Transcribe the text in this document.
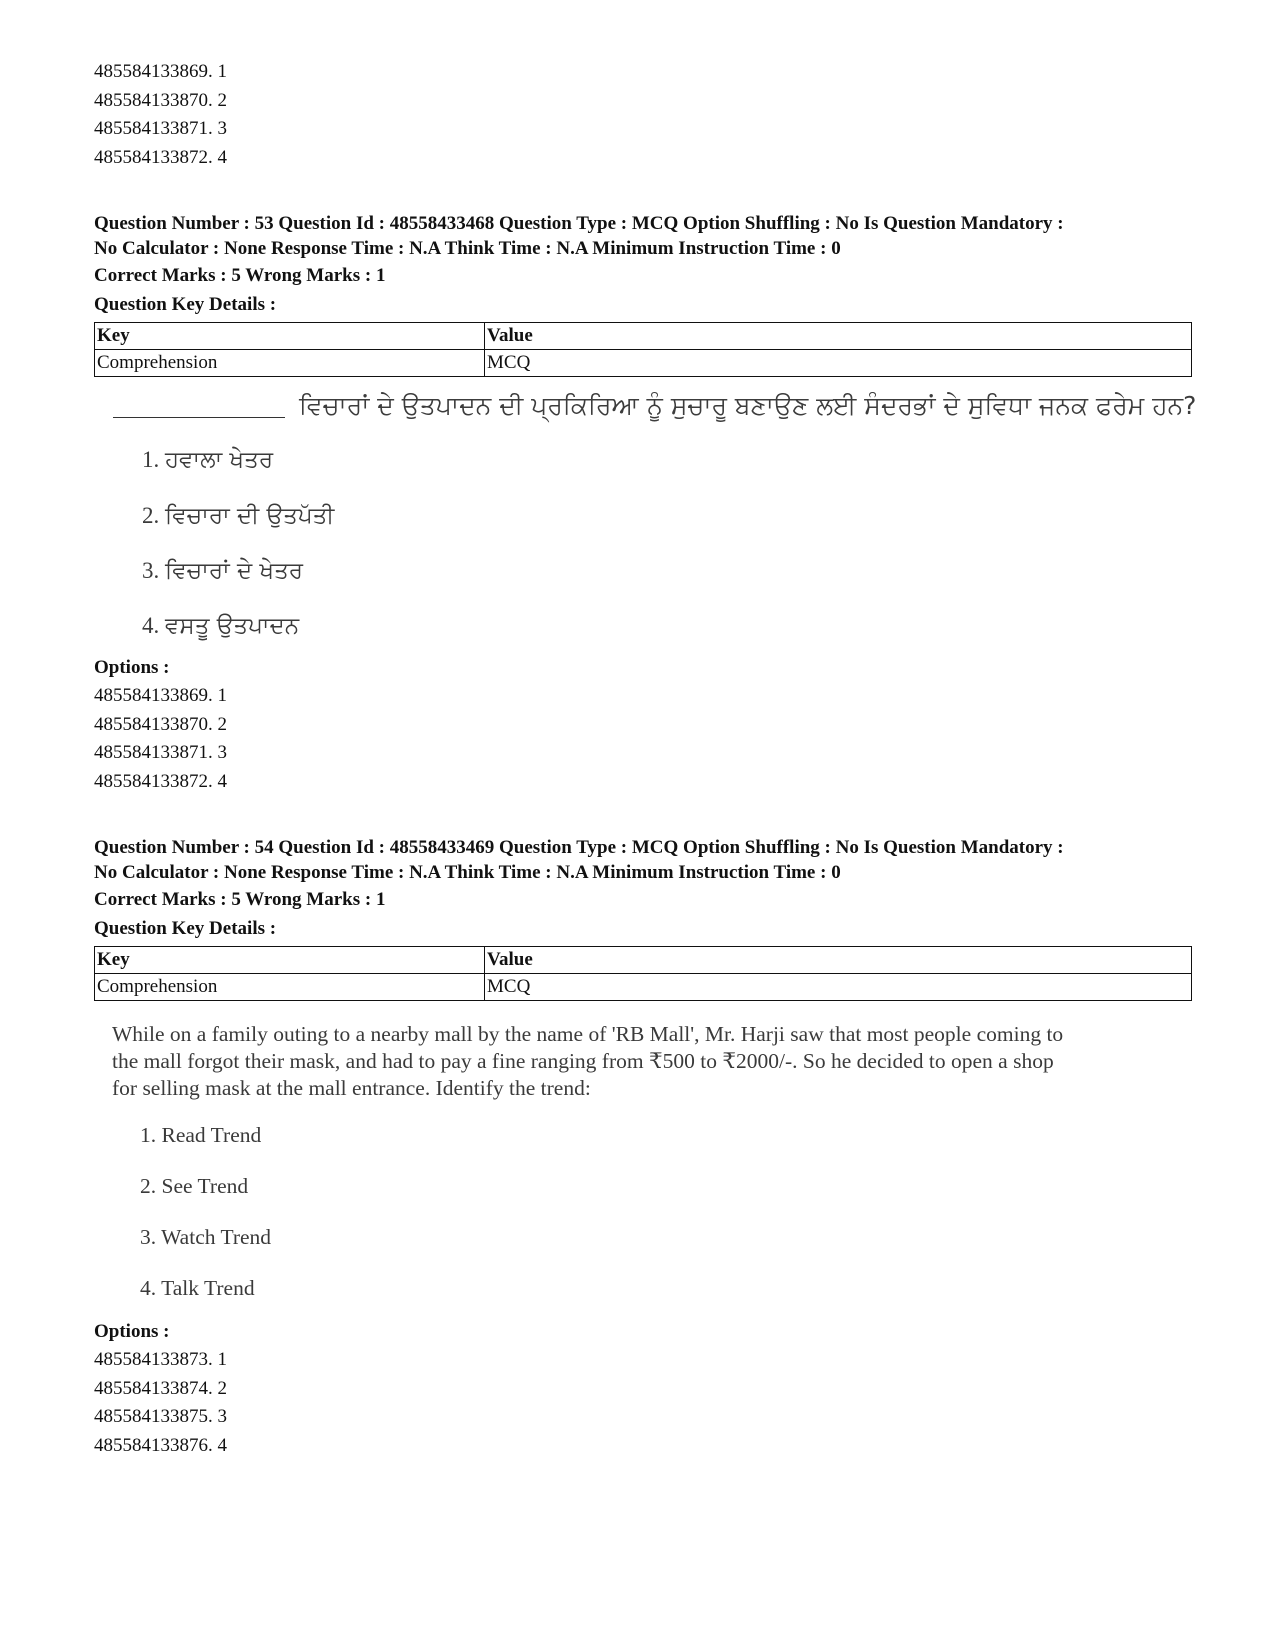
485584133869. 1
485584133870. 2
485584133871. 3
485584133872. 4
Question Number : 53 Question Id : 48558433468 Question Type : MCQ Option Shuffling : No Is Question Mandatory :
No Calculator : None Response Time : N.A Think Time : N.A Minimum Instruction Time : 0
Correct Marks : 5 Wrong Marks : 1
Question Key Details :
Key	Value
Comprehension	MCQ
ਵਿਚਾਰਾਂ ਦੇ ਉਤਪਾਦਨ ਦੀ ਪ੍ਰਕਿਰਿਆ ਨੂੰ ਸੁਚਾਰੂ ਬਣਾਉਣ ਲਈ ਸੰਦਰਭਾਂ ਦੇ ਸੁਵਿਧਾ ਜਨਕ ਫਰੇਮ ਹਨ?
1. ਹਵਾਲਾ ਖੇਤਰ
2. ਵਿਚਾਰਾ ਦੀ ਉਤਪੱਤੀ
3. ਵਿਚਾਰਾਂ ਦੇ ਖੇਤਰ
4. ਵਸਤੂ ਉਤਪਾਦਨ
Options :
485584133869. 1
485584133870. 2
485584133871. 3
485584133872. 4
Question Number : 54 Question Id : 48558433469 Question Type : MCQ Option Shuffling : No Is Question Mandatory :
No Calculator : None Response Time : N.A Think Time : N.A Minimum Instruction Time : 0
Correct Marks : 5 Wrong Marks : 1
Question Key Details :
Key	Value
Comprehension	MCQ
While on a family outing to a nearby mall by the name of 'RB Mall', Mr. Harji saw that most people coming to
the mall forgot their mask, and had to pay a fine ranging from ₹500 to ₹2000/-. So he decided to open a shop
for selling mask at the mall entrance. Identify the trend:
1. Read Trend
2. See Trend
3. Watch Trend
4. Talk Trend
Options :
485584133873. 1
485584133874. 2
485584133875. 3
485584133876. 4
